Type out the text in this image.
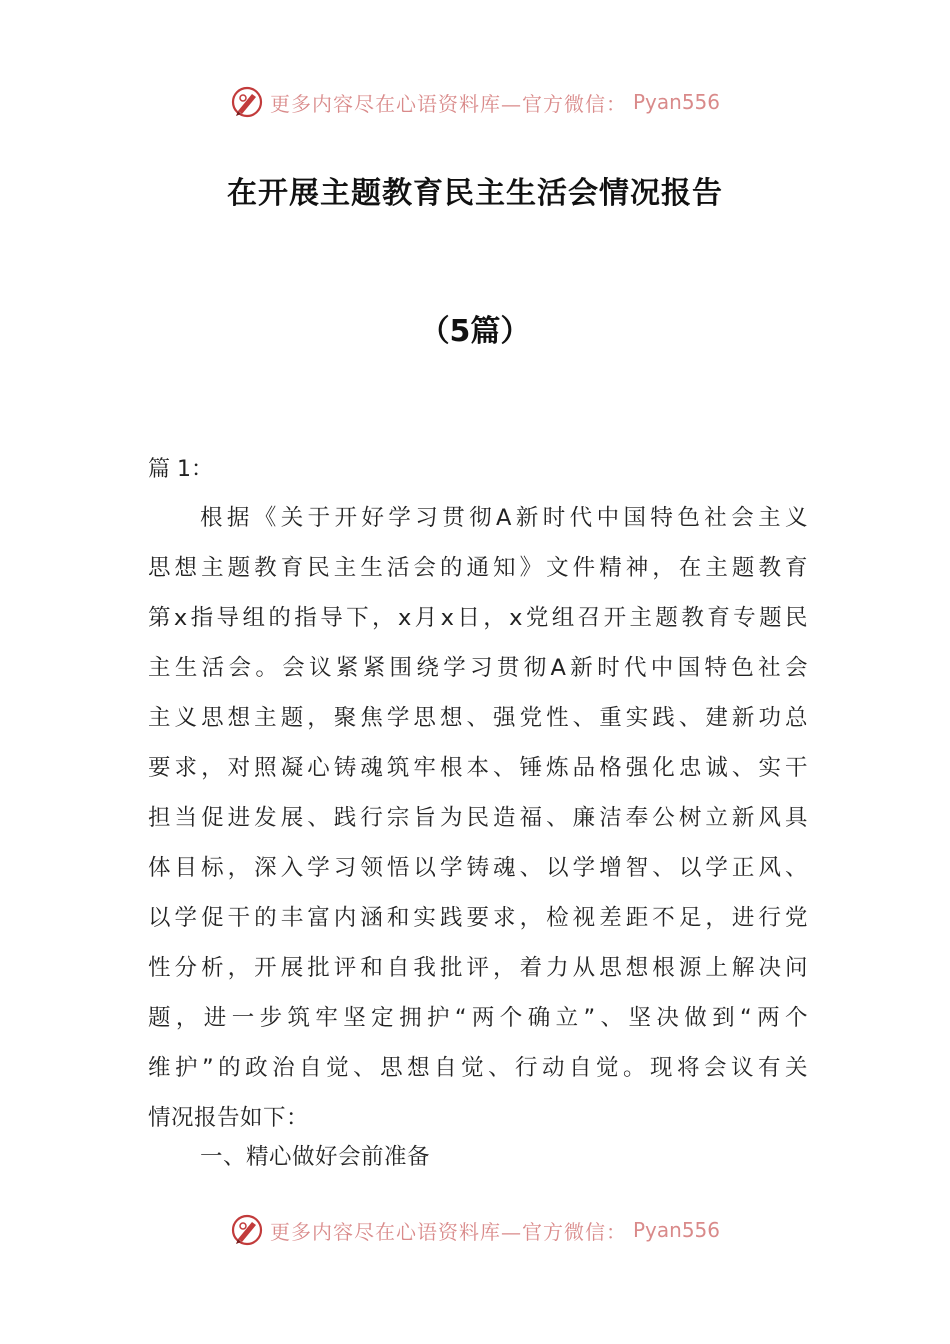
更多内容尽在心语资料库—官方微信： Pyan556
在开展主题教育民主生活会情况报告
（5篇）

篇 1：

根据《关于开好学习贯彻A新时代中国特色社会主义
思想主题教育民主生活会的通知》文件精神，在主题教育
第x指导组的指导下，x月x日，x党组召开主题教育专题民
主生活会。会议紧紧围绕学习贯彻A新时代中国特色社会
主义思想主题，聚焦学思想、强党性、重实践、建新功总
要求，对照凝心铸魂筑牢根本、锤炼品格强化忠诚、实干
担当促进发展、践行宗旨为民造福、廉洁奉公树立新风具
体目标，深入学习领悟以学铸魂、以学增智、以学正风、
以学促干的丰富内涵和实践要求，检视差距不足，进行党
性分析，开展批评和自我批评，着力从思想根源上解决问
题，进一步筑牢坚定拥护“两个确立”、坚决做到“两个
维护”的政治自觉、思想自觉、行动自觉。现将会议有关
情况报告如下：

一、精心做好会前准备

更多内容尽在心语资料库—官方微信： Pyan556
